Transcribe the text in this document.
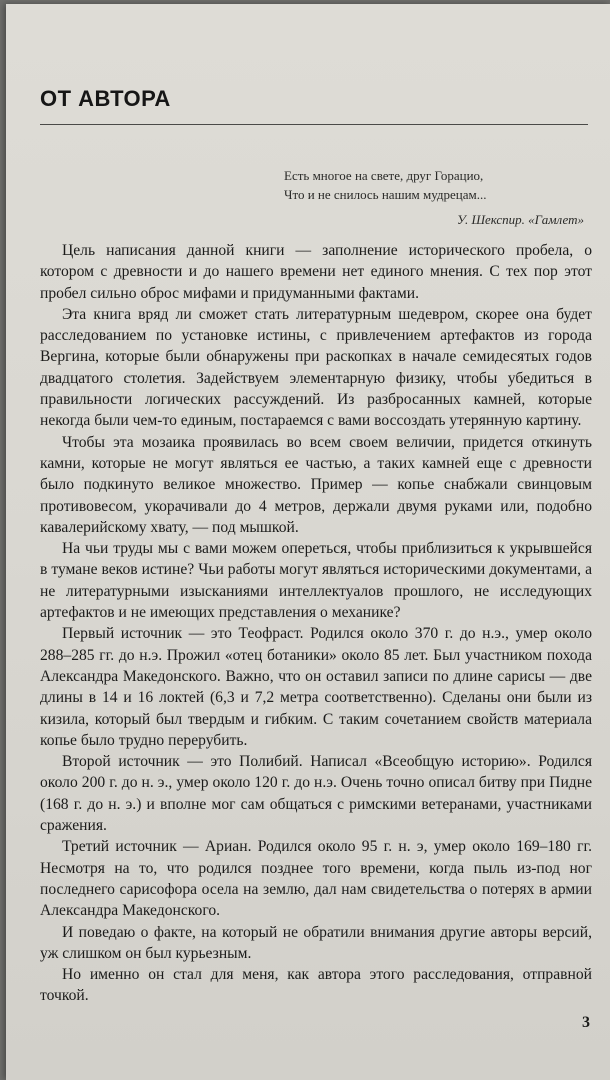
ОТ АВТОРА
Есть многое на свете, друг Горацио,
Что и не снилось нашим мудрецам...
У. Шекспир. «Гамлет»

Цель написания данной книги — заполнение исторического пробела, о котором с древности и до нашего времени нет единого мнения. С тех пор этот пробел сильно оброс мифами и придуманными фактами.

Эта книга вряд ли сможет стать литературным шедевром, скорее она будет расследованием по установке истины, с привлечением артефактов из города Вергина, которые были обнаружены при раскопках в начале семидесятых годов двадцатого столетия. Задействуем элементарную физику, чтобы убедиться в правильности логических рассуждений. Из разбросанных камней, которые некогда были чем-то единым, постараемся с вами воссоздать утерянную картину.

Чтобы эта мозаика проявилась во всем своем величии, придется откинуть камни, которые не могут являться ее частью, а таких камней еще с древности было подкинуто великое множество. Пример — копье снабжали свинцовым противовесом, укорачивали до 4 метров, держали двумя руками или, подобно кавалерийскому хвату, — под мышкой.

На чьи труды мы с вами можем опереться, чтобы приблизиться к укрывшейся в тумане веков истине? Чьи работы могут являться историческими документами, а не литературными изысканиями интеллектуалов прошлого, не исследующих артефактов и не имеющих представления о механике?

Первый источник — это Теофраст. Родился около 370 г. до н.э., умер около 288–285 гг. до н.э. Прожил «отец ботаники» около 85 лет. Был участником похода Александра Македонского. Важно, что он оставил записи по длине сарисы — две длины в 14 и 16 локтей (6,3 и 7,2 метра соответственно). Сделаны они были из кизила, который был твердым и гибким. С таким сочетанием свойств материала копье было трудно перерубить.

Второй источник — это Полибий. Написал «Всеобщую историю». Родился около 200 г. до н. э., умер около 120 г. до н.э. Очень точно описал битву при Пидне (168 г. до н. э.) и вполне мог сам общаться с римскими ветеранами, участниками сражения.

Третий источник — Ариан. Родился около 95 г. н. э, умер около 169–180 гг. Несмотря на то, что родился позднее того времени, когда пыль из-под ног последнего сарисофора осела на землю, дал нам свидетельства о потерях в армии Александра Македонского.

И поведаю о факте, на который не обратили внимания другие авторы версий, уж слишком он был курьезным.

Но именно он стал для меня, как автора этого расследования, отправной точкой.

3
